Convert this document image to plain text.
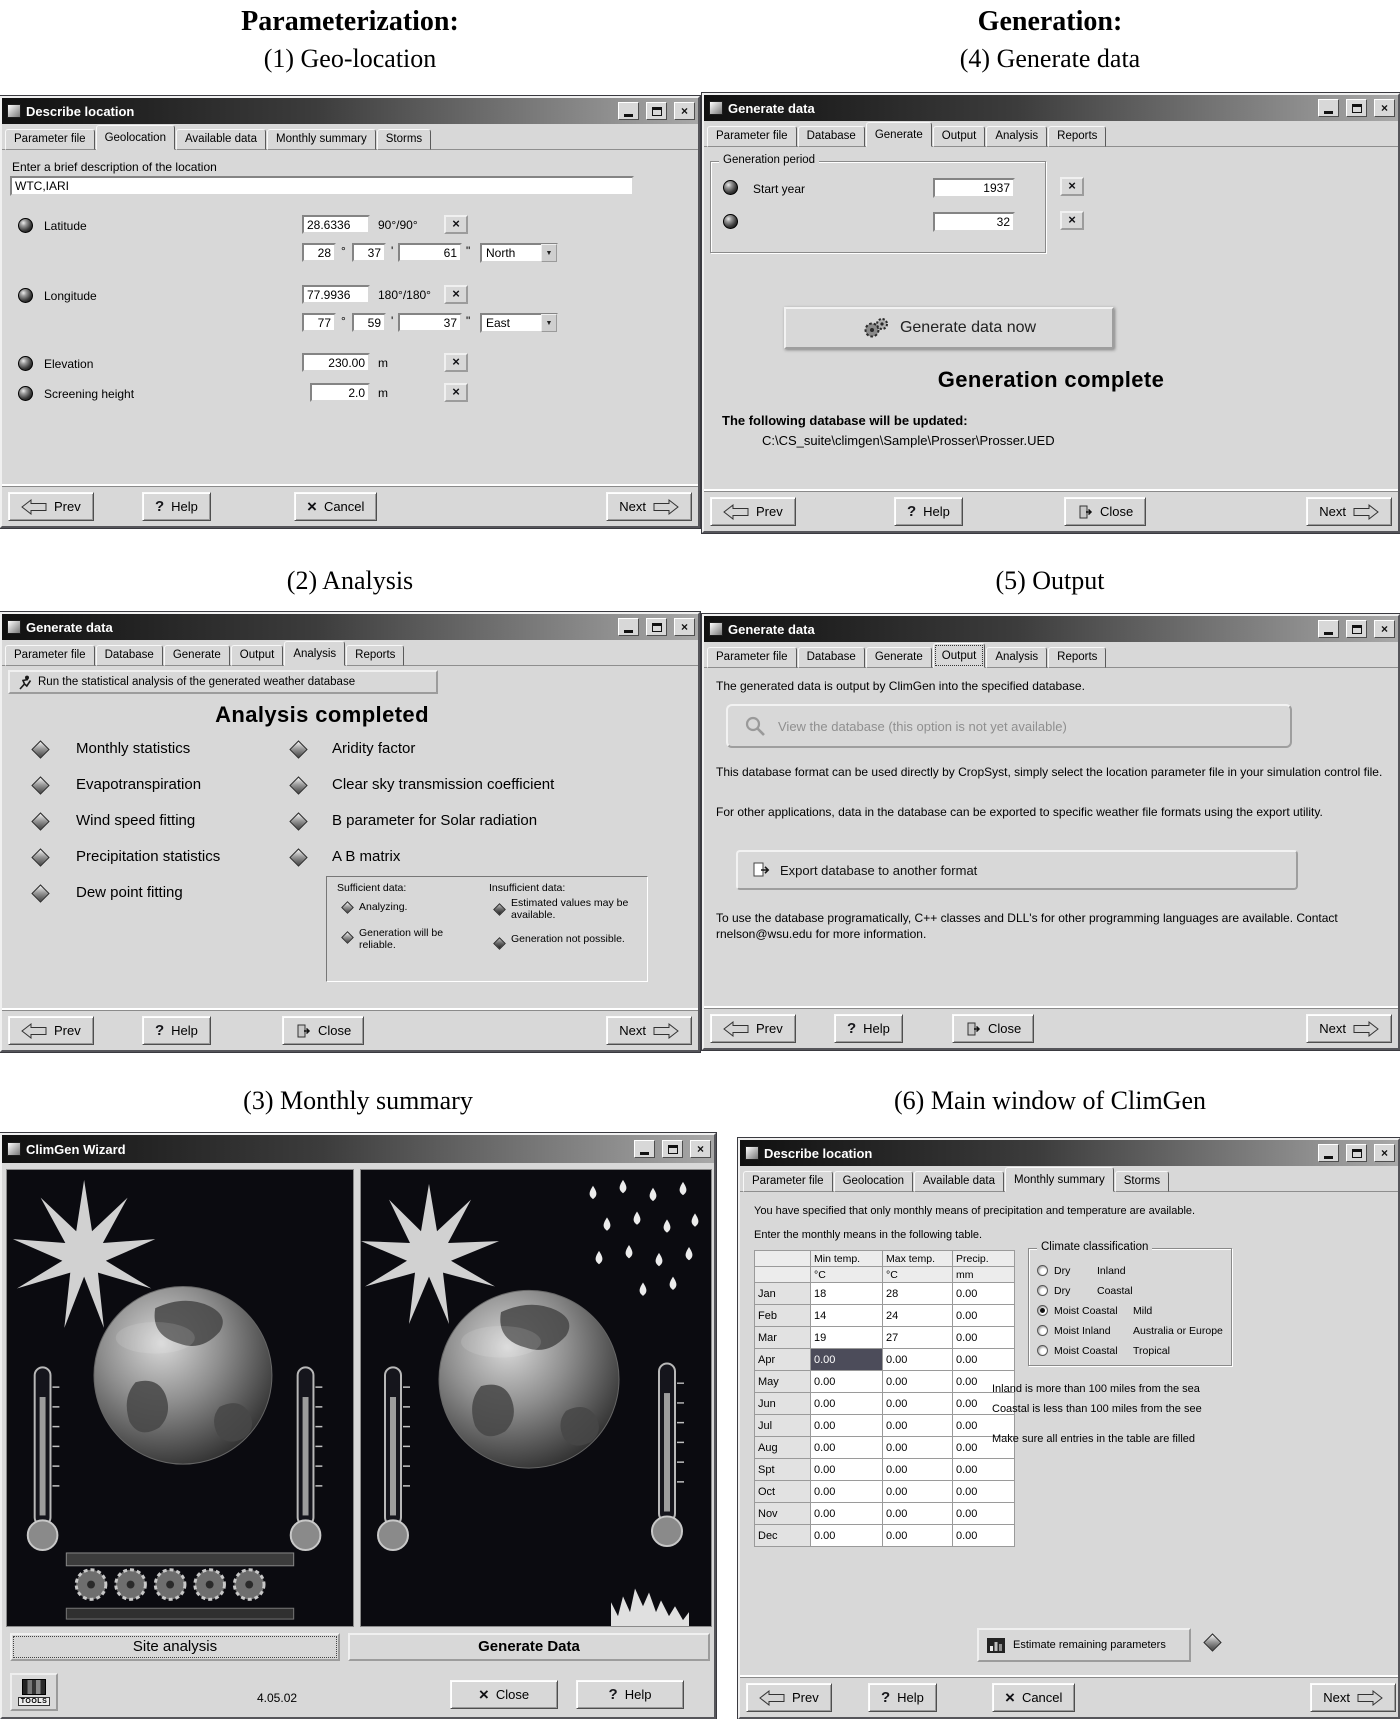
Parameterization:
(1) Geo-location
Generation:
(4) Generate data
(2) Analysis	(5) Output
(3) Monthly summary	(6) Main window of ClimGen
Describe location	×
Parameter file	Geolocation	Available data	Monthly summary	Storms
Enter a brief description of the location
WTC,IARI
Latitude	28.6336	90°/90°	×
28 °	37 '	61 "	North	▼
Longitude	77.9936	180°/180°	×
77 °	59 '	37 "	East	▼
Elevation	230.00	m	×
Screening height	2.0	m	×
Prev	? Help	× Cancel	Next
Generate data	×
Parameter file	Database	Generate	Output	Analysis	Reports
Generation period
Start year	1937
32
×
×
Generate data now
Generation complete
The following database will be updated:
C:\CS_suite\climgen\Sample\Prosser\Prosser.UED
Prev	? Help	Close	Next
Generate data	×
Parameter file	Database	Generate	Output	Analysis	Reports
Run the statistical analysis of the generated weather database
Analysis completed
Monthly statistics
Evapotranspiration
Wind speed fitting
Precipitation statistics
Dew point fitting
Aridity factor
Clear sky transmission coefficient
B parameter for Solar radiation
A B matrix
Sufficient data:
Analyzing.
Generation will be reliable.
Insufficient data:
Estimated values may be available.
Generation not possible.
Prev	? Help	Close	Next
Generate data	×
Parameter file	Database	Generate	Output	Analysis	Reports
The generated data is output by ClimGen into the specified database.
View the database (this option is not yet available)
This database format can be used directly by CropSyst, simply select the location parameter file in your simulation control file.
For other applications, data in the database can be exported to specific weather file formats using the export utility.
Export database to another format
To use the database programatically, C++ classes and DLL's for other programming languages are available. Contact rnelson@wsu.edu for more information.
Prev	? Help	Close	Next
ClimGen Wizard	×
Site analysis	Generate Data
TOOLS	4.05.02	× Close	? Help
Describe location	×
Parameter file	Geolocation	Available data	Monthly summary	Storms
You have specified that only monthly means of precipitation and temperature are available.
Enter the monthly means in the following table.
	Min temp.	Max temp.	Precip.
	°C	°C	mm
Jan	18	28	0.00
Feb	14	24	0.00
Mar	19	27	0.00
Apr	0.00	0.00	0.00
May	0.00	0.00	0.00
Jun	0.00	0.00	0.00
Jul	0.00	0.00	0.00
Aug	0.00	0.00	0.00
Spt	0.00	0.00	0.00
Oct	0.00	0.00	0.00
Nov	0.00	0.00	0.00
Dec	0.00	0.00	0.00
Climate classification
Dry	Inland
Dry	Coastal
Moist Coastal Mild
Moist Inland Australia or Europe
Moist Coastal Tropical
Inland is more than 100 miles from the sea
Coastal is less than 100 miles from the see
Make sure all entries in the table are filled
Estimate remaining parameters
Prev	? Help	× Cancel	Next
